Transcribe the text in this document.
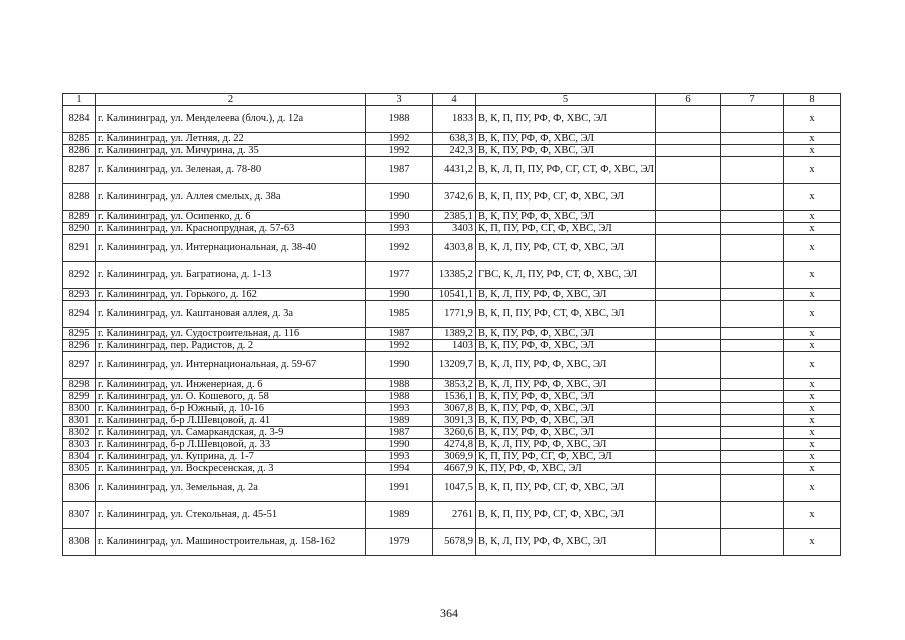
1	2	3	4	5	6	7	8
8284	г. Калининград, ул. Менделеева (блоч.), д. 12а	1988	1833	В, К, П, ПУ, РФ, Ф, ХВС, ЭЛ			x
8285	г. Калининград, ул. Летняя, д. 22	1992	638,3	В, К, ПУ, РФ, Ф, ХВС, ЭЛ			x
8286	г. Калининград, ул. Мичурина, д. 35	1992	242,3	В, К, ПУ, РФ, Ф, ХВС, ЭЛ			x
8287	г. Калининград, ул. Зеленая, д. 78-80	1987	4431,2	В, К, Л, П, ПУ, РФ, СГ, СТ, Ф, ХВС, ЭЛ			x
8288	г. Калининград, ул. Аллея смелых, д. 38а	1990	3742,6	В, К, П, ПУ, РФ, СГ, Ф, ХВС, ЭЛ			x
8289	г. Калининград, ул. Осипенко, д. 6	1990	2385,1	В, К, ПУ, РФ, Ф, ХВС, ЭЛ			x
8290	г. Калининград, ул. Краснопрудная, д. 57-63	1993	3403	К, П, ПУ, РФ, СГ, Ф, ХВС, ЭЛ			x
8291	г. Калининград, ул. Интернациональная, д. 38-40	1992	4303,8	В, К, Л, ПУ, РФ, СТ, Ф, ХВС, ЭЛ			x
8292	г. Калининград, ул. Багратиона, д. 1-13	1977	13385,2	ГВС, К, Л, ПУ, РФ, СТ, Ф, ХВС, ЭЛ			x
8293	г. Калининград, ул. Горького, д. 162	1990	10541,1	В, К, Л, ПУ, РФ, Ф, ХВС, ЭЛ			x
8294	г. Калининград, ул. Каштановая аллея, д. 3а	1985	1771,9	В, К, П, ПУ, РФ, СТ, Ф, ХВС, ЭЛ			x
8295	г. Калининград, ул. Судостроительная, д. 116	1987	1389,2	В, К, ПУ, РФ, Ф, ХВС, ЭЛ			x
8296	г. Калининград, пер. Радистов, д. 2	1992	1403	В, К, ПУ, РФ, Ф, ХВС, ЭЛ			x
8297	г. Калининград, ул. Интернациональная, д. 59-67	1990	13209,7	В, К, Л, ПУ, РФ, Ф, ХВС, ЭЛ			x
8298	г. Калининград, ул. Инженерная, д. 6	1988	3853,2	В, К, Л, ПУ, РФ, Ф, ХВС, ЭЛ			x
8299	г. Калининград, ул. О. Кошевого, д. 58	1988	1536,1	В, К, ПУ, РФ, Ф, ХВС, ЭЛ			x
8300	г. Калининград, б-р Южный, д. 10-16	1993	3067,8	В, К, ПУ, РФ, Ф, ХВС, ЭЛ			x
8301	г. Калининград, б-р Л.Шевцовой, д. 41	1989	3091,3	В, К, ПУ, РФ, Ф, ХВС, ЭЛ			x
8302	г. Калининград, ул. Самаркандская, д. 3-9	1987	3260,6	В, К, ПУ, РФ, Ф, ХВС, ЭЛ			x
8303	г. Калининград, б-р Л.Шевцовой, д. 33	1990	4274,8	В, К, Л, ПУ, РФ, Ф, ХВС, ЭЛ			x
8304	г. Калининград, ул. Куприна, д. 1-7	1993	3069,9	К, П, ПУ, РФ, СГ, Ф, ХВС, ЭЛ			x
8305	г. Калининград, ул. Воскресенская, д. 3	1994	4667,9	К, ПУ, РФ, Ф, ХВС, ЭЛ			x
8306	г. Калининград, ул. Земельная, д. 2а	1991	1047,5	В, К, П, ПУ, РФ, СГ, Ф, ХВС, ЭЛ			x
8307	г. Калининград, ул. Стекольная, д. 45-51	1989	2761	В, К, П, ПУ, РФ, СГ, Ф, ХВС, ЭЛ			x
8308	г. Калининград, ул. Машиностроительная, д. 158-162	1979	5678,9	В, К, Л, ПУ, РФ, Ф, ХВС, ЭЛ			x
364
